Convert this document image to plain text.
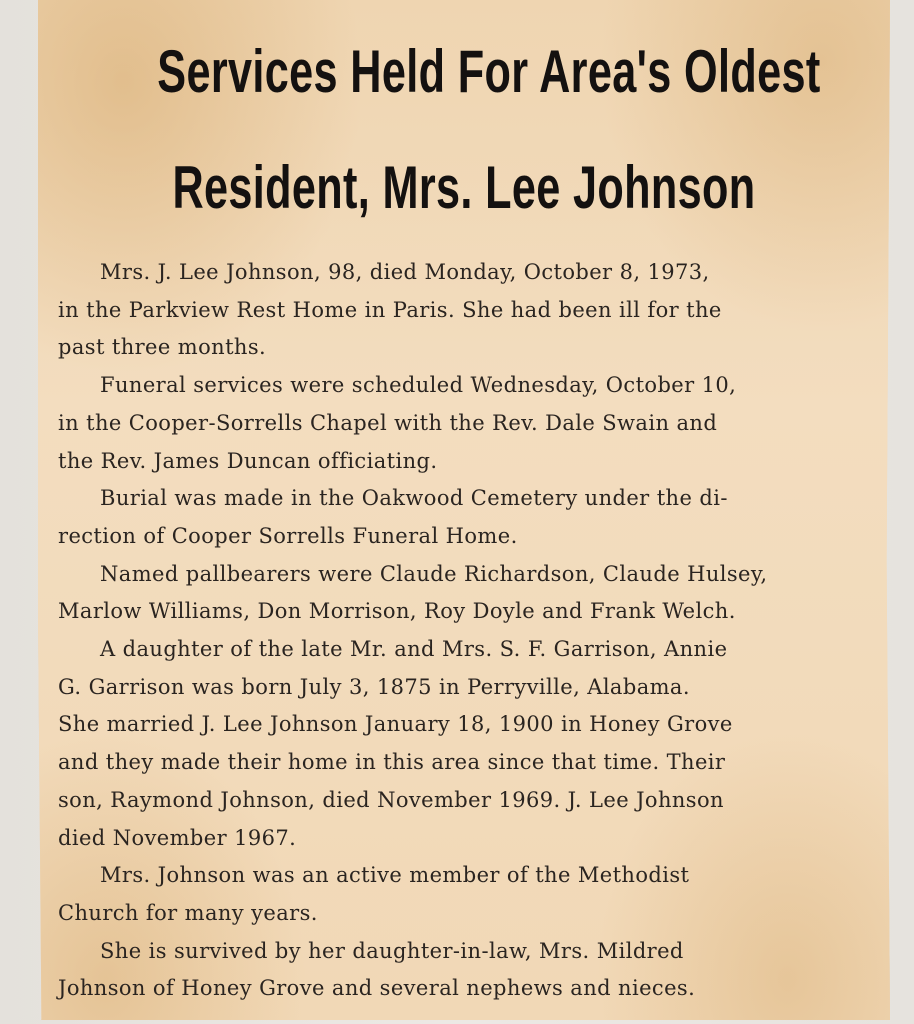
Services Held For Area's Oldest
Resident, Mrs. Lee Johnson
Mrs. J. Lee Johnson, 98, died Monday, October 8, 1973,
in the Parkview Rest Home in Paris. She had been ill for the
past three months.
Funeral services were scheduled Wednesday, October 10,
in the Cooper-Sorrells Chapel with the Rev. Dale Swain and
the Rev. James Duncan officiating.
Burial was made in the Oakwood Cemetery under the di-
rection of Cooper Sorrells Funeral Home.
Named pallbearers were Claude Richardson, Claude Hulsey,
Marlow Williams, Don Morrison, Roy Doyle and Frank Welch.
A daughter of the late Mr. and Mrs. S. F. Garrison, Annie
G. Garrison was born July 3, 1875 in Perryville, Alabama.
She married J. Lee Johnson January 18, 1900 in Honey Grove
and they made their home in this area since that time. Their
son, Raymond Johnson, died November 1969. J. Lee Johnson
died November 1967.
Mrs. Johnson was an active member of the Methodist
Church for many years.
She is survived by her daughter-in-law, Mrs. Mildred
Johnson of Honey Grove and several nephews and nieces.
